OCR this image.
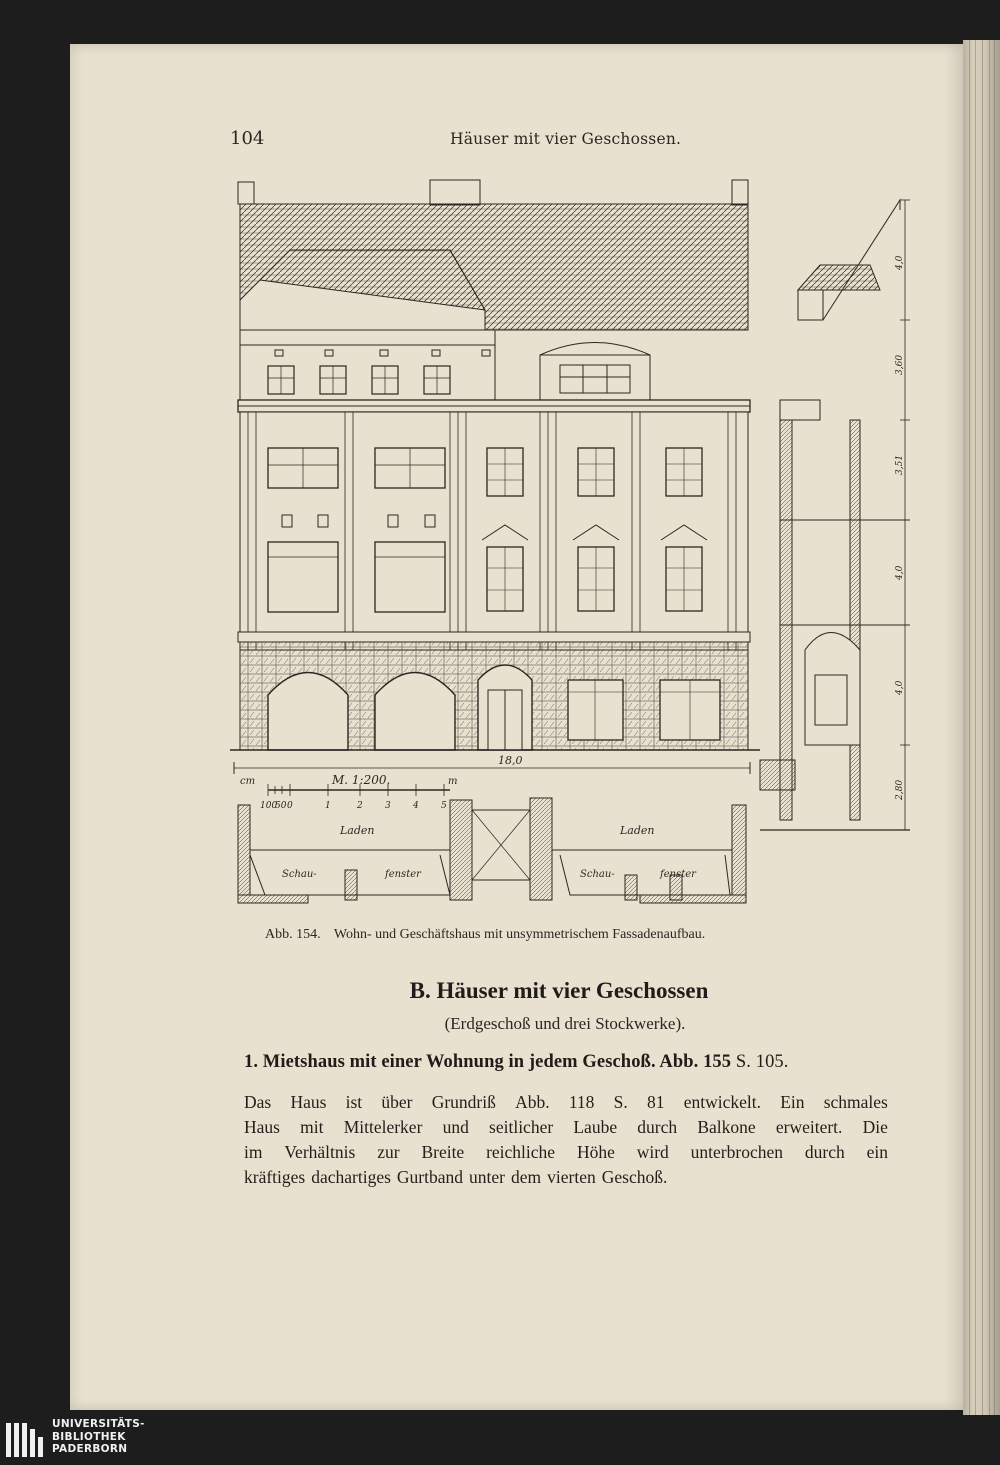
104	Häuser mit vier Geschossen.
M. 1:200.
cm	m
100
50 0	1	2 3 4 5
18,0
Laden	Laden
Schau-	fenster	Schau-	fenster
4,0
3,60
3,51
4,0
4,0
2,80
Abb. 154. Wohn- und Geschäftshaus mit unsymmetrischem Fassadenaufbau.
B. Häuser mit vier Geschossen
(Erdgeschoß und drei Stockwerke).
1. Mietshaus mit einer Wohnung in jedem Geschoß. Abb. 155 S. 105.
Das Haus ist über Grundriß Abb. 118 S. 81 entwickelt. Ein schmales
Haus mit Mittelerker und seitlicher Laube durch Balkone erweitert. Die
im Verhältnis zur Breite reichliche Höhe wird unterbrochen durch ein
kräftiges dachartiges Gurtband unter dem vierten Geschoß.
UNIVERSITÄTS-
BIBLIOTHEK
PADERBORN
